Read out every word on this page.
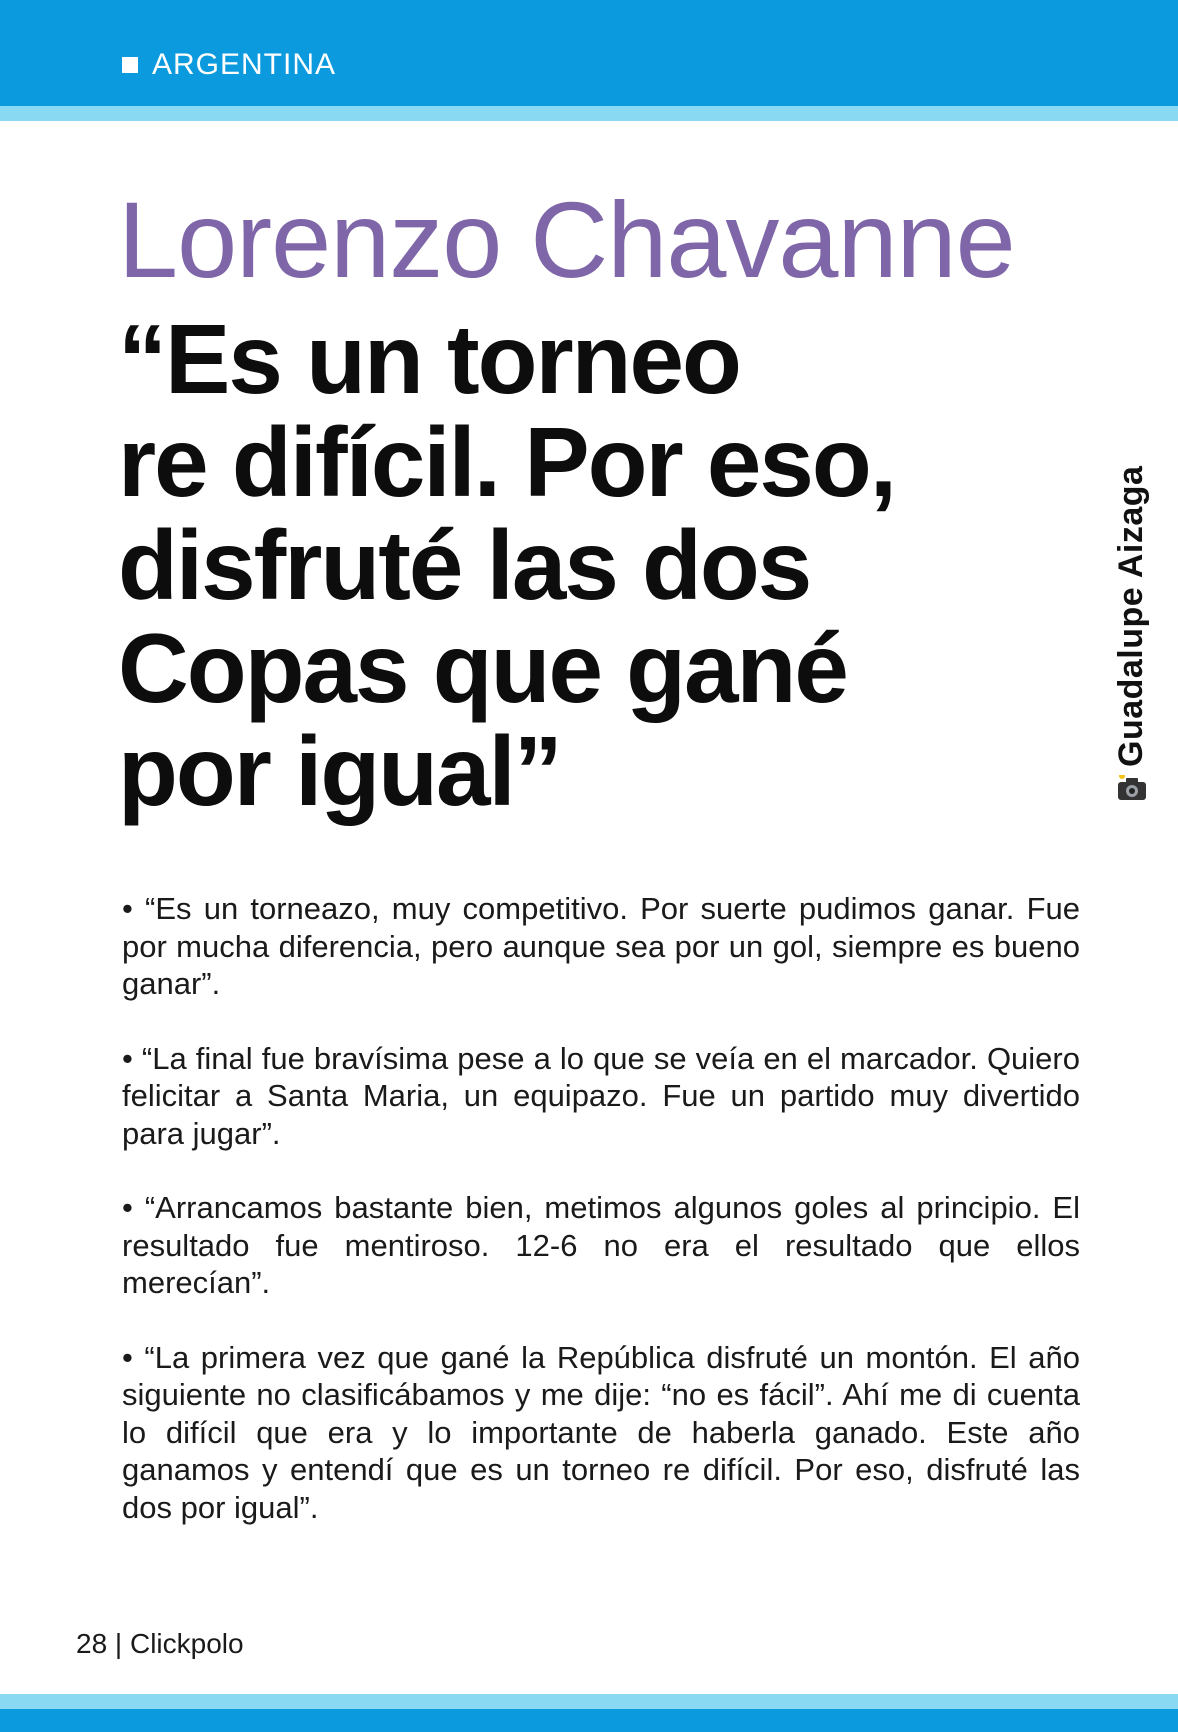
ARGENTINA
Lorenzo Chavanne
“Es un torneo
re difícil. Por eso,
disfruté las dos
Copas que gané
por igual”
Guadalupe Aizaga

• “Es un torneazo, muy competitivo. Por suerte pudimos ganar. Fue por mucha diferencia, pero aunque sea por un gol, siempre es bueno ganar”.

• “La final fue bravísima pese a lo que se veía en el marcador. Quiero felicitar a Santa Maria, un equipazo. Fue un partido muy divertido para jugar”.

• “Arrancamos bastante bien, metimos algunos goles al principio. El resultado fue mentiroso. 12-6 no era el resultado que ellos merecían”.

• “La primera vez que gané la República disfruté un montón. El año siguiente no clasificábamos y me dije: “no es fácil”. Ahí me di cuenta lo difícil que era y lo importante de haberla ganado. Este año ganamos y entendí que es un torneo re difícil. Por eso, disfruté las dos por igual”.

28 | Clickpolo
